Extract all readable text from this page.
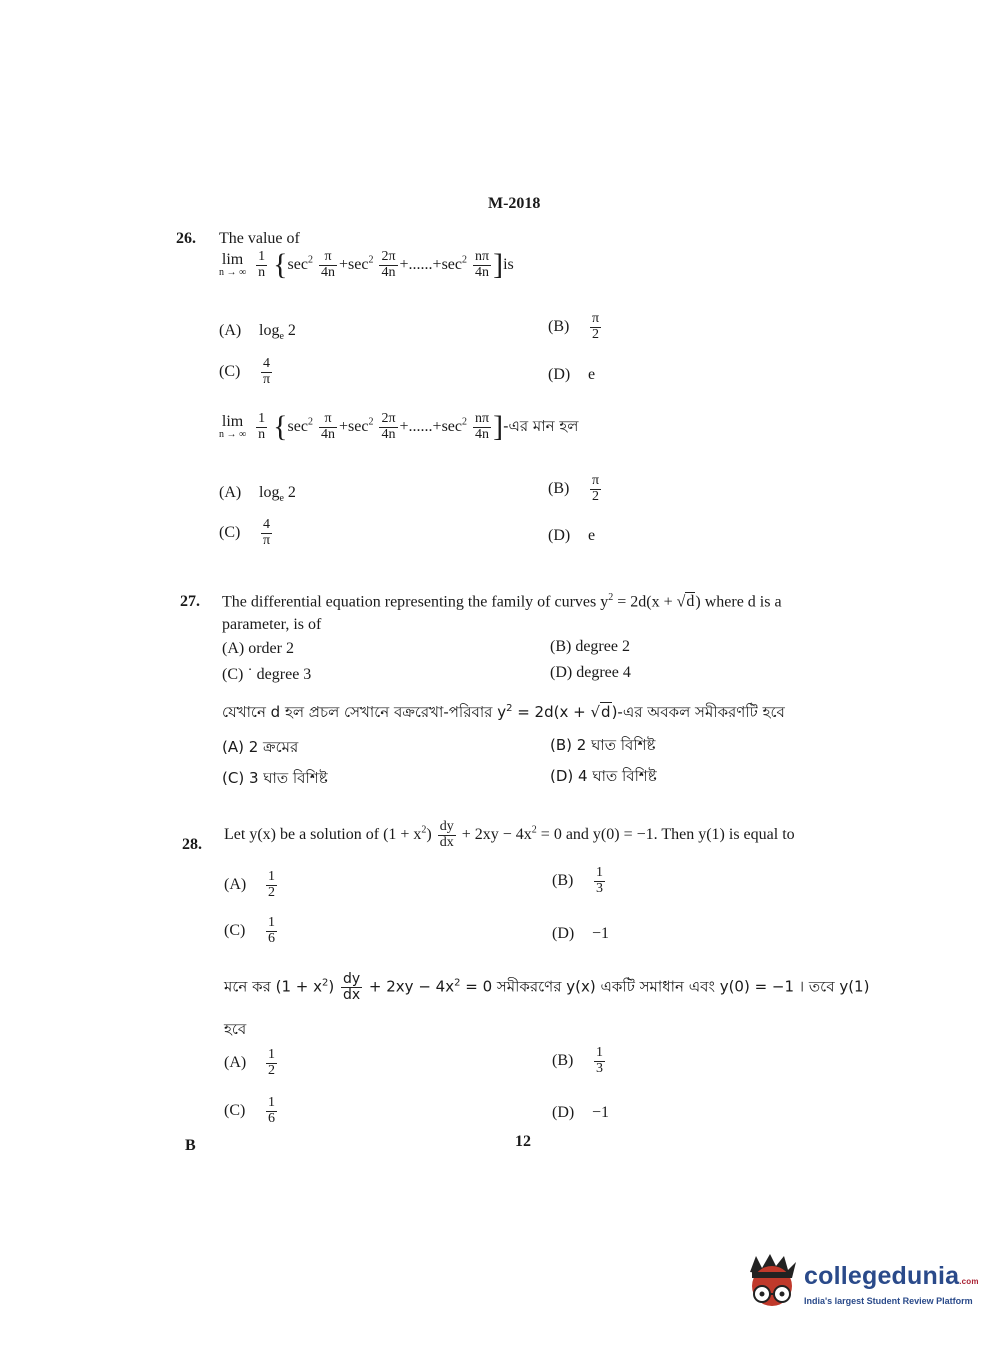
M-2018
26. The value of
lim
n → ∞
$\frac{1}{n} \{\sec^2 \frac{\pi}{4n} +\sec^2 \frac{2\pi}{4n} +......+\sec^2 \frac{n\pi}{4n} ]is$
(A) $\log_e 2$	$(B) \frac{\pi}{2}$
$(C) \frac{4}{\pi}$	(D) e
lim
n → ∞
$\frac{1}{n} \{\sec^2 \frac{\pi}{4n} +\sec^2 \frac{2\pi}{4n} +......+\sec^2 \frac{n\pi}{4n}$ ]-এর মান হল
(A) $\log_e 2$	$(B) \frac{\pi}{2}$
$(C) \frac{4}{\pi}$	(D) e
27. The differential equation representing the family of curves $y^2 = 2d(x + √d)$ where d is a
parameter, is of
(A) order 2	(B) degree 2
(C) ˙ degree 3	(D) degree 4
যেখানে d হল প্রচল সেখানে বক্ররেখা-পরিবার $y^2 = 2d(x$ + √d)-এর অবকল সমীকরণটি হবে
(A) 2 ক্রমের	(B) 2 ঘাত বিশিষ্ট
(C) 3 ঘাত বিশিষ্ট	(D) 4 ঘাত বিশিষ্ট
28.
Let y(x) be a solution of $(1 + x^2) \frac{dy}{dx} + 2xy - 4x^2 = 0$ and y(0) = −1. Then y(1) is equal to
$(A) \frac{1}{2}$	$(B) \frac{1}{3}$
$(C) \frac{1}{6}$	(D) −1
মনে কর $(1 + x^2) \frac{dy}{dx} + 2xy - 4x^2 = 0$ সমীকরণের y(x) একটি সমাধান এবং y(0) = −1 । তবে y(1)
হবে
$(A) \frac{1}{2}$	$(B) \frac{1}{3}$
$(C) \frac{1}{6}$	(D) −1
B	12
collegedunia.com
India's largest Student Review Platform
